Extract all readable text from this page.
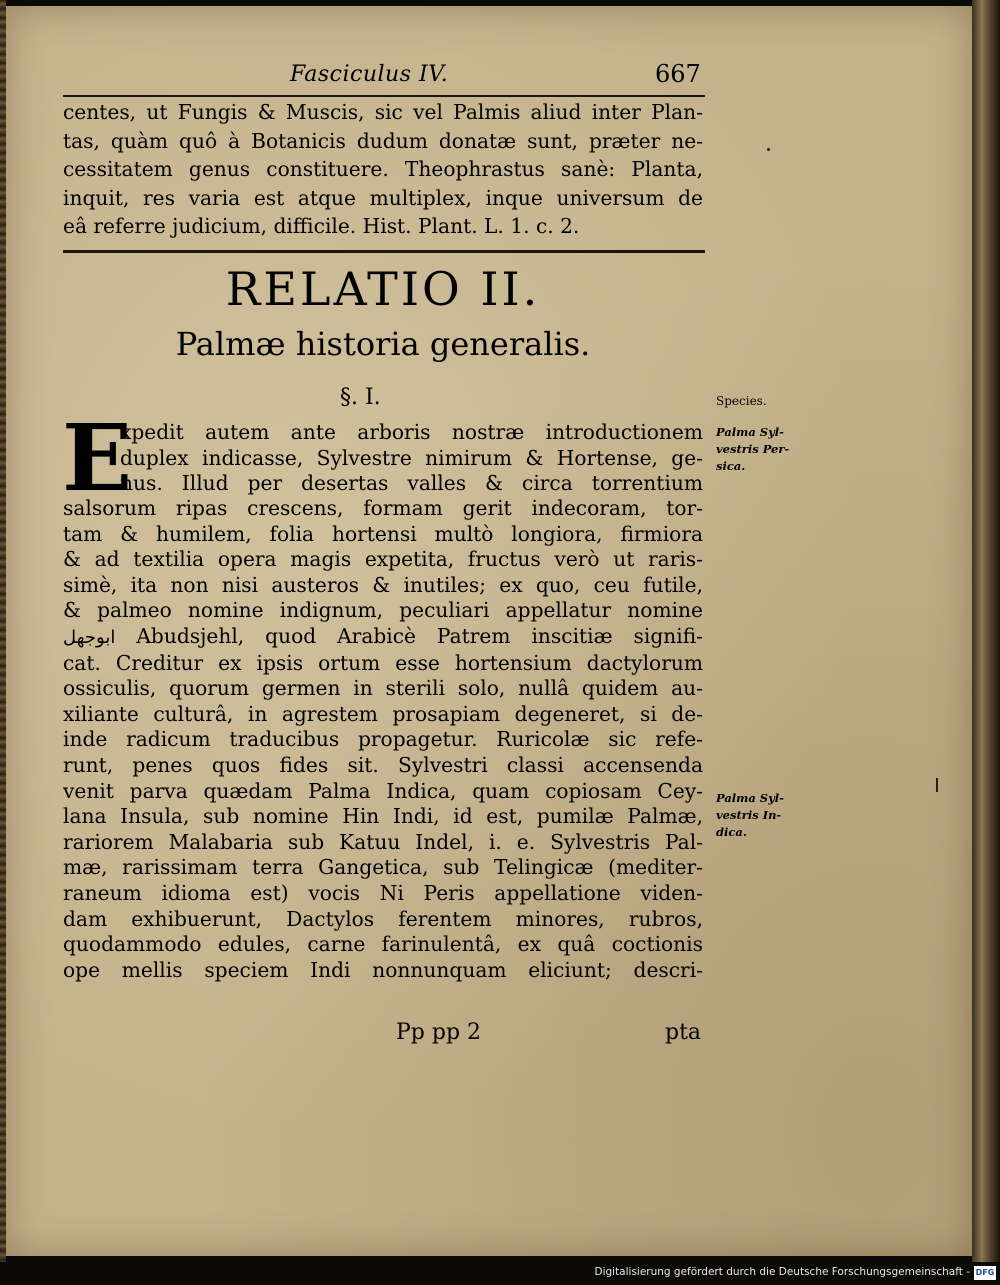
Fasciculus IV.	667
centes, ut Fungis & Muscis, sic vel Palmis aliud inter Plan-
tas, quàm quô à Botanicis dudum donatæ sunt, præter ne-
cessitatem genus constituere. Theophrastus sanè: Planta,
inquit, res varia est atque multiplex, inque universum de
eâ referre judicium, difficile. Hist. Plant. L. 1. c. 2.
RELATIO II.
Palmæ historia generalis.
§. I.
E
xpedit autem ante arboris nostræ introductionem
duplex indicasse, Sylvestre nimirum & Hortense, ge-
nus. Illud per desertas valles & circa torrentium
salsorum ripas crescens, formam gerit indecoram, tor-
tam & humilem, folia hortensi multò longiora, firmiora
& ad textilia opera magis expetita, fructus verò ut raris-
simè, ita non nisi austeros & inutiles; ex quo, ceu futile,
& palmeo nomine indignum, peculiari appellatur nomine
ابوجهل Abudsjehl, quod Arabicè Patrem inscitiæ signifi-
cat. Creditur ex ipsis ortum esse hortensium dactylorum
ossiculis, quorum germen in sterili solo, nullâ quidem au-
xiliante culturâ, in agrestem prosapiam degeneret, si de-
inde radicum traducibus propagetur. Ruricolæ sic refe-
runt, penes quos fides sit. Sylvestri classi accensenda
venit parva quædam Palma Indica, quam copiosam Cey-
lana Insula, sub nomine Hin Indi, id est, pumilæ Palmæ,
rariorem Malabaria sub Katuu Indel, i. e. Sylvestris Pal-
mæ, rarissimam terra Gangetica, sub Telingicæ (mediter-
raneum idioma est) vocis Ni Peris appellatione viden-
dam exhibuerunt, Dactylos ferentem minores, rubros,
quodammodo edules, carne farinulentâ, ex quâ coctionis
ope mellis speciem Indi nonnunquam eliciunt; descri-
Pp pp 2	pta
Species.
Palma Syl-
vestris Per-
sica.
Palma Syl-
vestris In-
dica.
Digitalisierung gefördert durch die Deutsche Forschungsgemeinschaft - DFG
